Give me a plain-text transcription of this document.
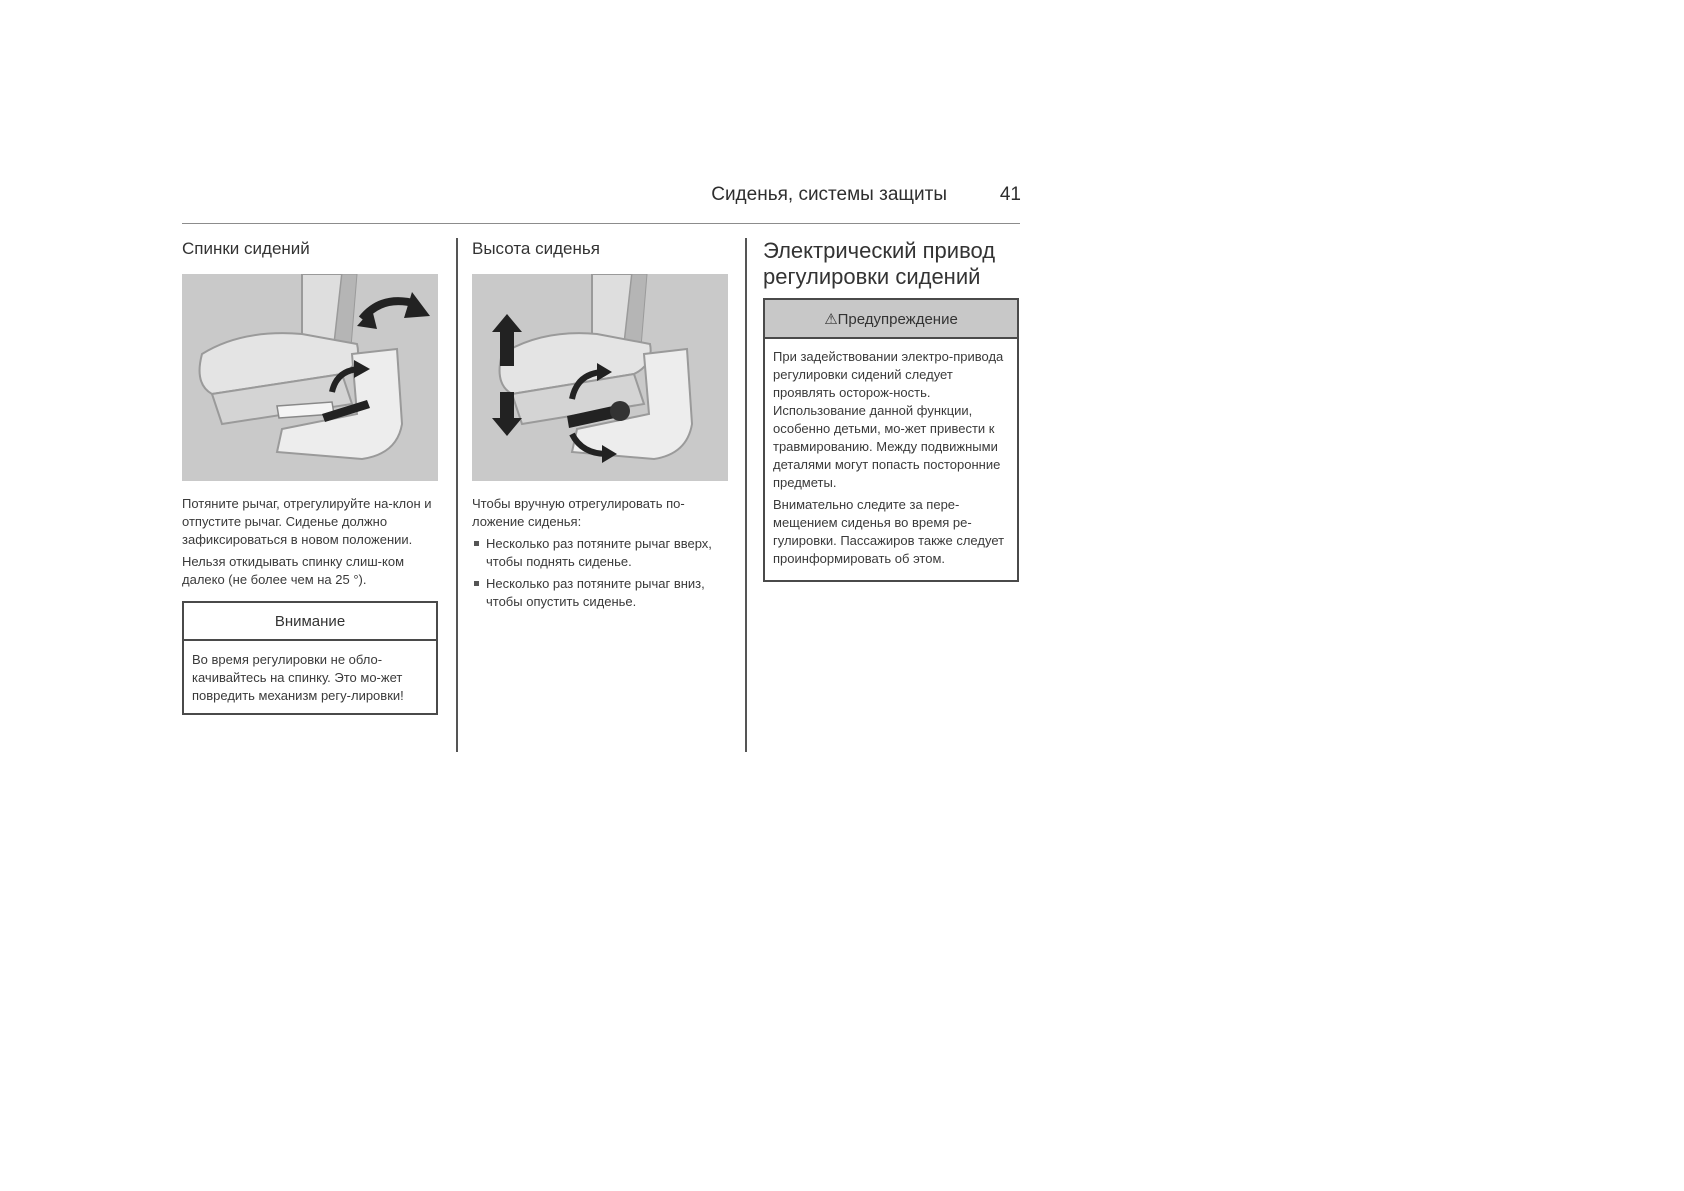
Сиденья, системы защиты	41
Спинки сидений

Потяните рычаг, отрегулируйте на-клон и отпустите рычаг. Сиденье должно зафиксироваться в новом положении.

Нельзя откидывать спинку слиш-ком далеко (не более чем на 25 °).

Внимание
Во время регулировки не обло-качивайтесь на спинку. Это мо-жет повредить механизм регу-лировки!
Высота сиденья

Чтобы вручную отрегулировать по-ложение сиденья:

Несколько раз потяните рычаг вверх, чтобы поднять сиденье.
Несколько раз потяните рычаг вниз, чтобы опустить сиденье.
Электрический привод регулировки сидений
⚠Предупреждение

При задействовании электро-привода регулировки сидений следует проявлять осторож-ность. Использование данной функции, особенно детьми, мо-жет привести к травмированию. Между подвижными деталями могут попасть посторонние предметы.

Внимательно следите за пере-мещением сиденья во время ре-гулировки. Пассажиров также следует проинформировать об этом.
